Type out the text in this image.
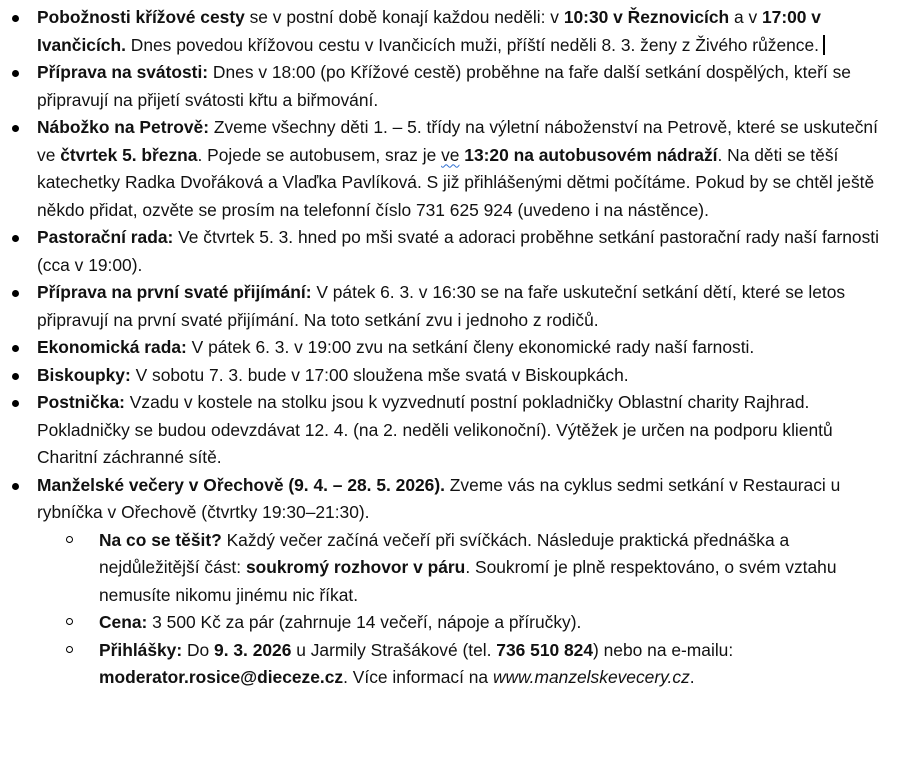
Pobožnosti křížové cesty se v postní době konají každou neděli: v 10:30 v Řeznovicích a v 17:00 v Ivančicích. Dnes povedou křížovou cestu v Ivančicích muži, příští neděli 8. 3. ženy z Živého růžence.
Příprava na svátosti: Dnes v 18:00 (po Křížové cestě) proběhne na faře další setkání dospělých, kteří se připravují na přijetí svátosti křtu a biřmování.
Nábožko na Petrově: Zveme všechny děti 1. – 5. třídy na výletní náboženství na Petrově, které se uskuteční ve čtvrtek 5. března. Pojede se autobusem, sraz je ve 13:20 na autobusovém nádraží. Na děti se těší katechetky Radka Dvořáková a Vlaďka Pavlíková. S již přihlášenými dětmi počítáme. Pokud by se chtěl ještě někdo přidat, ozvěte se prosím na telefonní číslo 731 625 924 (uvedeno i na nástěnce).
Pastorační rada: Ve čtvrtek 5. 3. hned po mši svaté a adoraci proběhne setkání pastorační rady naší farnosti (cca v 19:00).
Příprava na první svaté přijímání: V pátek 6. 3. v 16:30 se na faře uskuteční setkání dětí, které se letos připravují na první svaté přijímání. Na toto setkání zvu i jednoho z rodičů.
Ekonomická rada: V pátek 6. 3. v 19:00 zvu na setkání členy ekonomické rady naší farnosti.
Biskoupky: V sobotu 7. 3. bude v 17:00 sloužena mše svatá v Biskoupkách.
Postnička: Vzadu v kostele na stolku jsou k vyzvednutí postní pokladničky Oblastní charity Rajhrad. Pokladničky se budou odevzdávat 12. 4. (na 2. neděli velikonoční). Výtěžek je určen na podporu klientů Charitní záchranné sítě.
Manželské večery v Ořechově (9. 4. – 28. 5. 2026). Zveme vás na cyklus sedmi setkání v Restauraci u rybníčka v Ořechově (čtvrtky 19:30–21:30).
Na co se těšit? Každý večer začíná večeří při svíčkách. Následuje praktická přednáška a nejdůležitější část: soukromý rozhovor v páru. Soukromí je plně respektováno, o svém vztahu nemusíte nikomu jinému nic říkat.
Cena: 3 500 Kč za pár (zahrnuje 14 večeří, nápoje a příručky).
Přihlášky: Do 9. 3. 2026 u Jarmily Strašákové (tel. 736 510 824) nebo na e-mailu: moderator.rosice@dieceze.cz. Více informací na www.manzelskevecery.cz.
